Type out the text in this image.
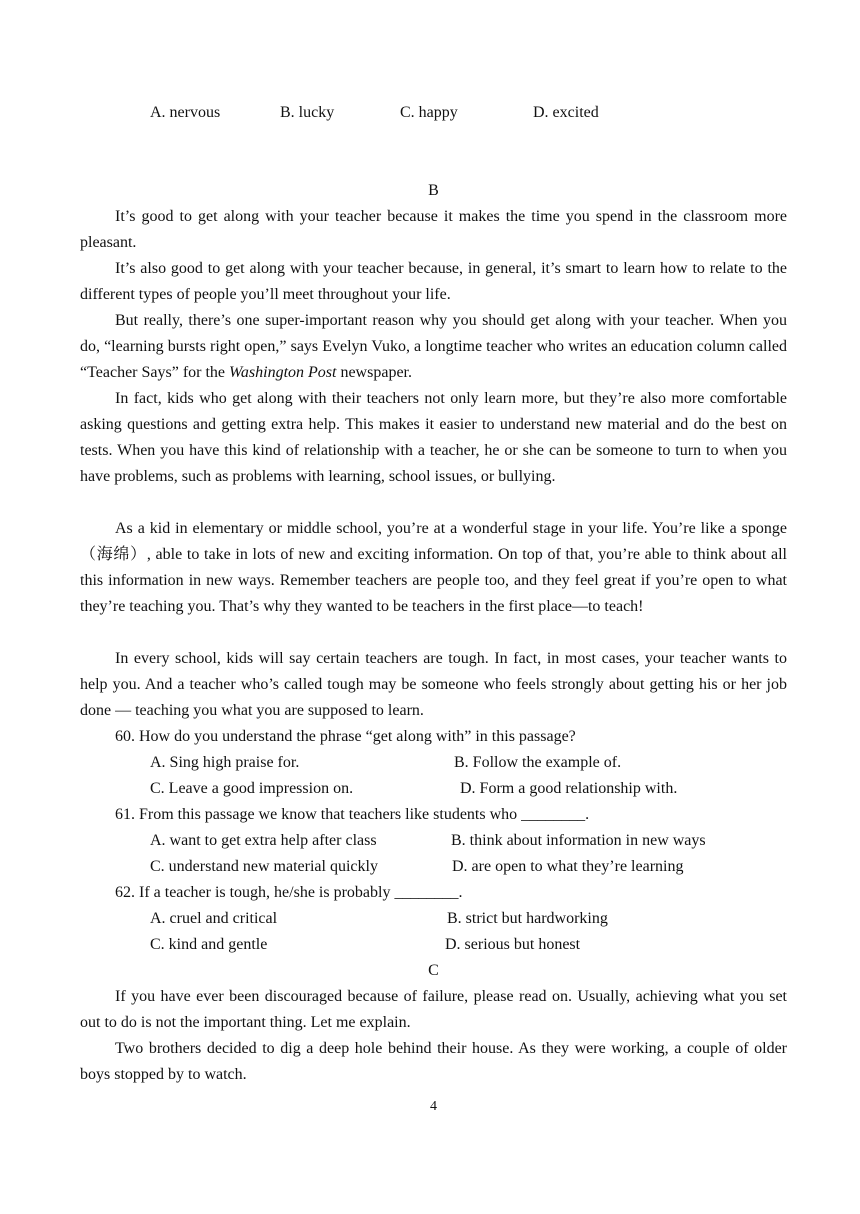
A. nervous	B. lucky	C. happy	D. excited
B

It’s good to get along with your teacher because it makes the time you spend in the classroom more pleasant.

It’s also good to get along with your teacher because, in general, it’s smart to learn how to relate to the different types of people you’ll meet throughout your life.

But really, there’s one super-important reason why you should get along with your teacher. When you do, “learning bursts right open,” says Evelyn Vuko, a longtime teacher who writes an education column called “Teacher Says” for the Washington Post newspaper.

In fact, kids who get along with their teachers not only learn more, but they’re also more comfortable asking questions and getting extra help. This makes it easier to understand new material and do the best on tests. When you have this kind of relationship with a teacher, he or she can be someone to turn to when you have problems, such as problems with learning, school issues, or bullying.

As a kid in elementary or middle school, you’re at a wonderful stage in your life. You’re like a sponge（海绵）, able to take in lots of new and exciting information. On top of that, you’re able to think about all this information in new ways. Remember teachers are people too, and they feel great if you’re open to what they’re teaching you. That’s why they wanted to be teachers in the first place—to teach!

In every school, kids will say certain teachers are tough. In fact, in most cases, your teacher wants to help you. And a teacher who’s called tough may be someone who feels strongly about getting his or her job done — teaching you what you are supposed to learn.

60. How do you understand the phrase “get along with” in this passage?
A. Sing high praise for.	B. Follow the example of.
C. Leave a good impression on.	D. Form a good relationship with.
61. From this passage we know that teachers like students who ________.
A. want to get extra help after class	B. think about information in new ways
C. understand new material quickly	D. are open to what they’re learning
62. If a teacher is tough, he/she is probably ________.
A. cruel and critical	B. strict but hardworking
C. kind and gentle	D. serious but honest
C

If you have ever been discouraged because of failure, please read on. Usually, achieving what you set out to do is not the important thing. Let me explain.

Two brothers decided to dig a deep hole behind their house. As they were working, a couple of older boys stopped by to watch.

4
